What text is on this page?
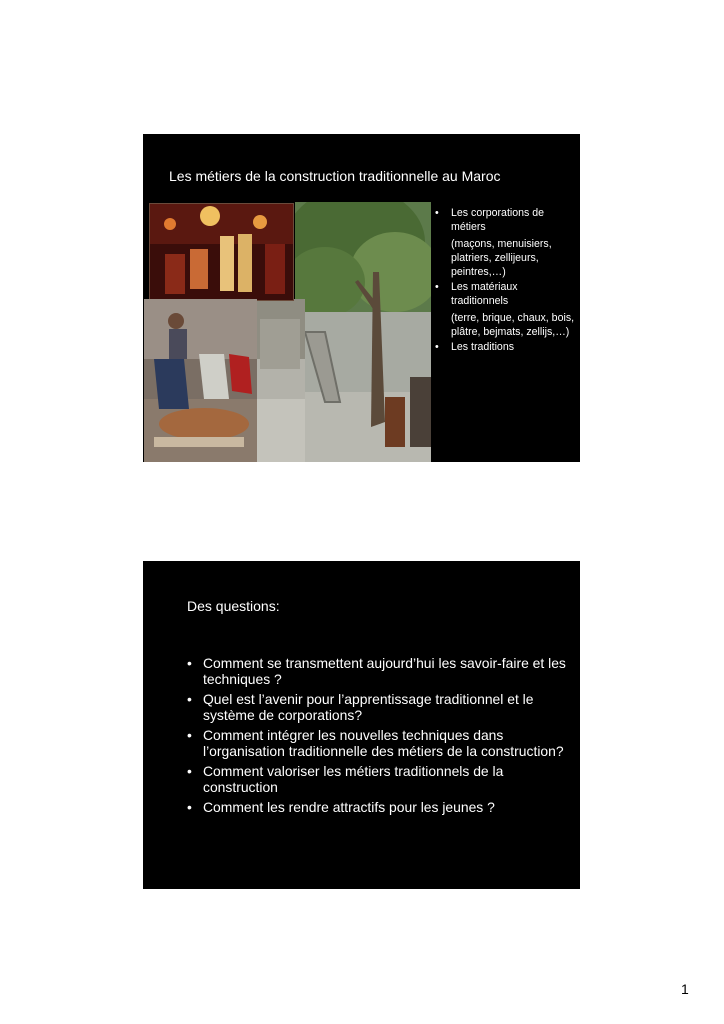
Les métiers de la construction traditionnelle au Maroc
• Les corporations de métiers
(maçons, menuisiers, platriers, zellijeurs, peintres,…)
• Les matériaux traditionnels
(terre, brique, chaux, bois, plâtre, bejmats, zellijs,…)
• Les traditions
Des questions:
• Comment se transmettent aujourd’hui les savoir-faire et les techniques ?
• Quel est l’avenir pour l’apprentissage traditionnel et le système de corporations?
• Comment intégrer les nouvelles techniques dans l’organisation traditionnelle des métiers de la construction?
• Comment valoriser les métiers traditionnels de la construction
• Comment les rendre attractifs pour les jeunes ?
1
